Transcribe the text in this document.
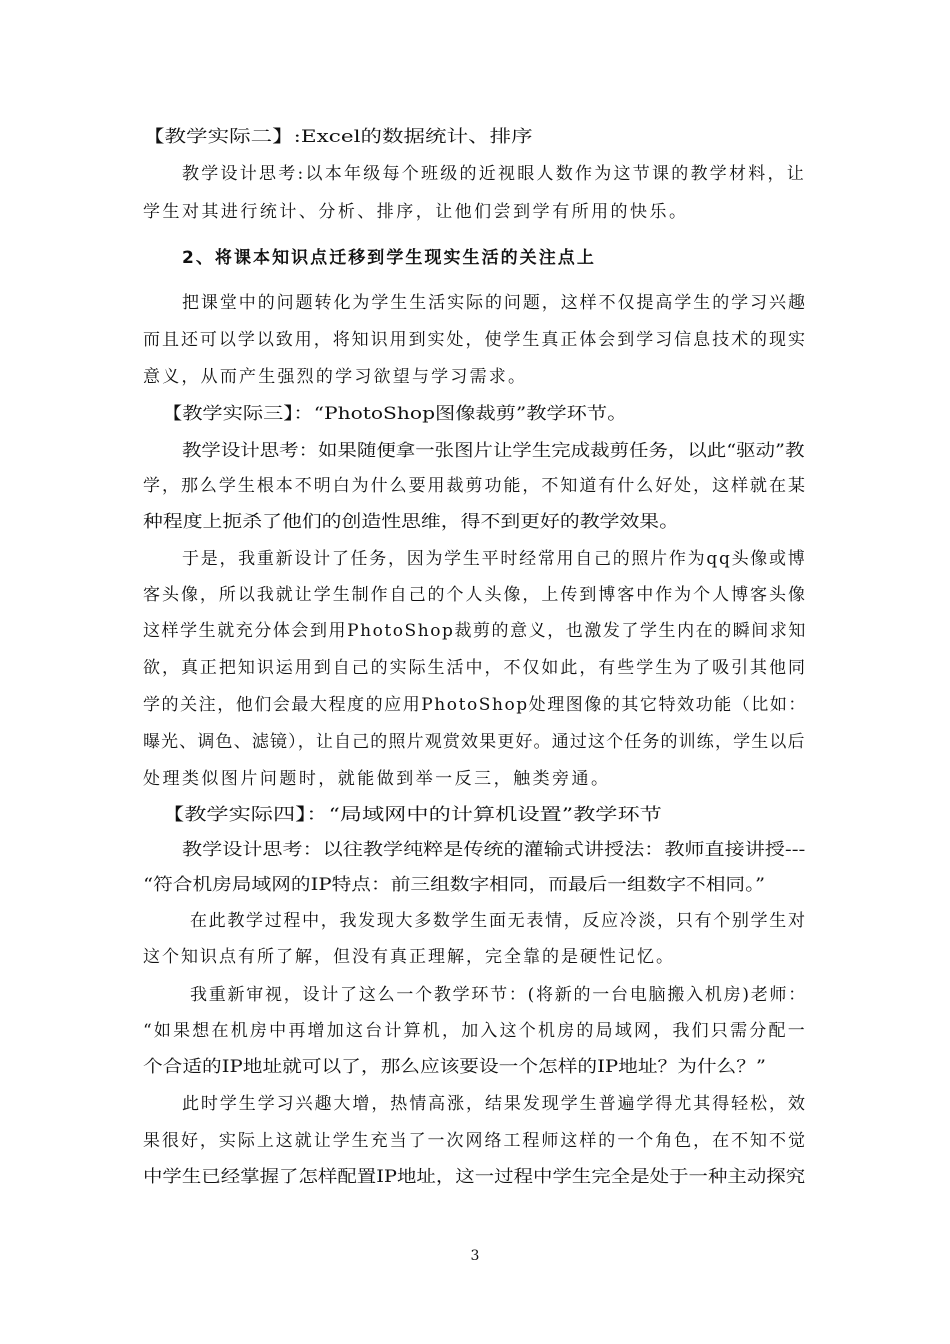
【教学实际二】:Excel的数据统计、排序
教学设计思考:以本年级每个班级的近视眼人数作为这节课的教学材料，让
学生对其进行统计、分析、排序，让他们尝到学有所用的快乐。
2、将课本知识点迁移到学生现实生活的关注点上
把课堂中的问题转化为学生生活实际的问题，这样不仅提高学生的学习兴趣
而且还可以学以致用，将知识用到实处，使学生真正体会到学习信息技术的现实
意义，从而产生强烈的学习欲望与学习需求。
【教学实际三】：“PhotoShop图像裁剪”教学环节。
教学设计思考：如果随便拿一张图片让学生完成裁剪任务，以此“驱动”教
学，那么学生根本不明白为什么要用裁剪功能，不知道有什么好处，这样就在某
种程度上扼杀了他们的创造性思维，得不到更好的教学效果。
于是，我重新设计了任务，因为学生平时经常用自己的照片作为qq头像或博
客头像，所以我就让学生制作自己的个人头像，上传到博客中作为个人博客头像
这样学生就充分体会到用PhotoShop裁剪的意义，也激发了学生内在的瞬间求知
欲，真正把知识运用到自己的实际生活中，不仅如此，有些学生为了吸引其他同
学的关注，他们会最大程度的应用PhotoShop处理图像的其它特效功能（比如：
曝光、调色、滤镜），让自己的照片观赏效果更好。通过这个任务的训练，学生以后
处理类似图片问题时，就能做到举一反三，触类旁通。
【教学实际四】：“局域网中的计算机设置”教学环节
教学设计思考：以往教学纯粹是传统的灌输式讲授法：教师直接讲授---
“符合机房局域网的IP特点：前三组数字相同，而最后一组数字不相同。”
在此教学过程中，我发现大多数学生面无表情，反应冷淡，只有个别学生对
这个知识点有所了解，但没有真正理解，完全靠的是硬性记忆。
我重新审视，设计了这么一个教学环节：(将新的一台电脑搬入机房)老师：
“如果想在机房中再增加这台计算机，加入这个机房的局域网，我们只需分配一
个合适的IP地址就可以了，那么应该要设一个怎样的IP地址？为什么？”
此时学生学习兴趣大增，热情高涨，结果发现学生普遍学得尤其得轻松，效
果很好，实际上这就让学生充当了一次网络工程师这样的一个角色，在不知不觉
中学生已经掌握了怎样配置IP地址，这一过程中学生完全是处于一种主动探究
3
